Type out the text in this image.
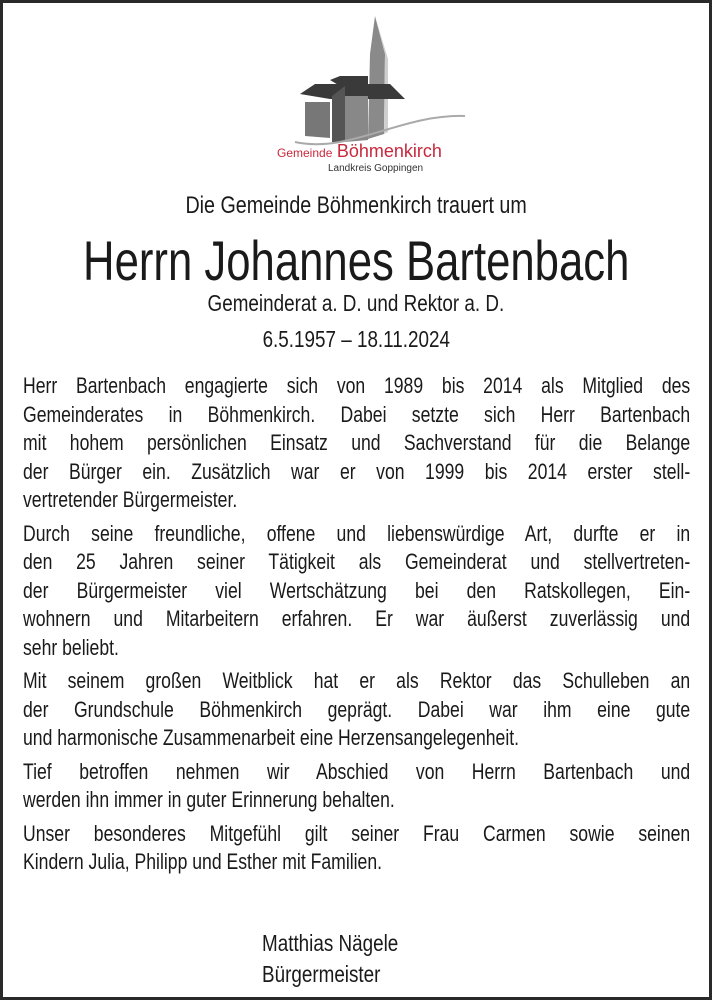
Gemeinde Böhmenkirch
Landkreis Goppingen
Die Gemeinde Böhmenkirch trauert um
Herrn Johannes Bartenbach
Gemeinderat a. D. und Rektor a. D.
6.5.1957 – 18.11.2024
Herr Bartenbach engagierte sich von 1989 bis 2014 als Mitglied des
Gemeinderates in Böhmenkirch. Dabei setzte sich Herr Bartenbach
mit hohem persönlichen Einsatz und Sachverstand für die Belange
der Bürger ein. Zusätzlich war er von 1999 bis 2014 erster stell-
vertretender Bürgermeister.
Durch seine freundliche, offene und liebenswürdige Art, durfte er in
den 25 Jahren seiner Tätigkeit als Gemeinderat und stellvertreten-
der Bürgermeister viel Wertschätzung bei den Ratskollegen, Ein-
wohnern und Mitarbeitern erfahren. Er war äußerst zuverlässig und
sehr beliebt.
Mit seinem großen Weitblick hat er als Rektor das Schulleben an
der Grundschule Böhmenkirch geprägt. Dabei war ihm eine gute
und harmonische Zusammenarbeit eine Herzensangelegenheit.
Tief betroffen nehmen wir Abschied von Herrn Bartenbach und
werden ihn immer in guter Erinnerung behalten.
Unser besonderes Mitgefühl gilt seiner Frau Carmen sowie seinen
Kindern Julia, Philipp und Esther mit Familien.
Matthias Nägele
Bürgermeister
